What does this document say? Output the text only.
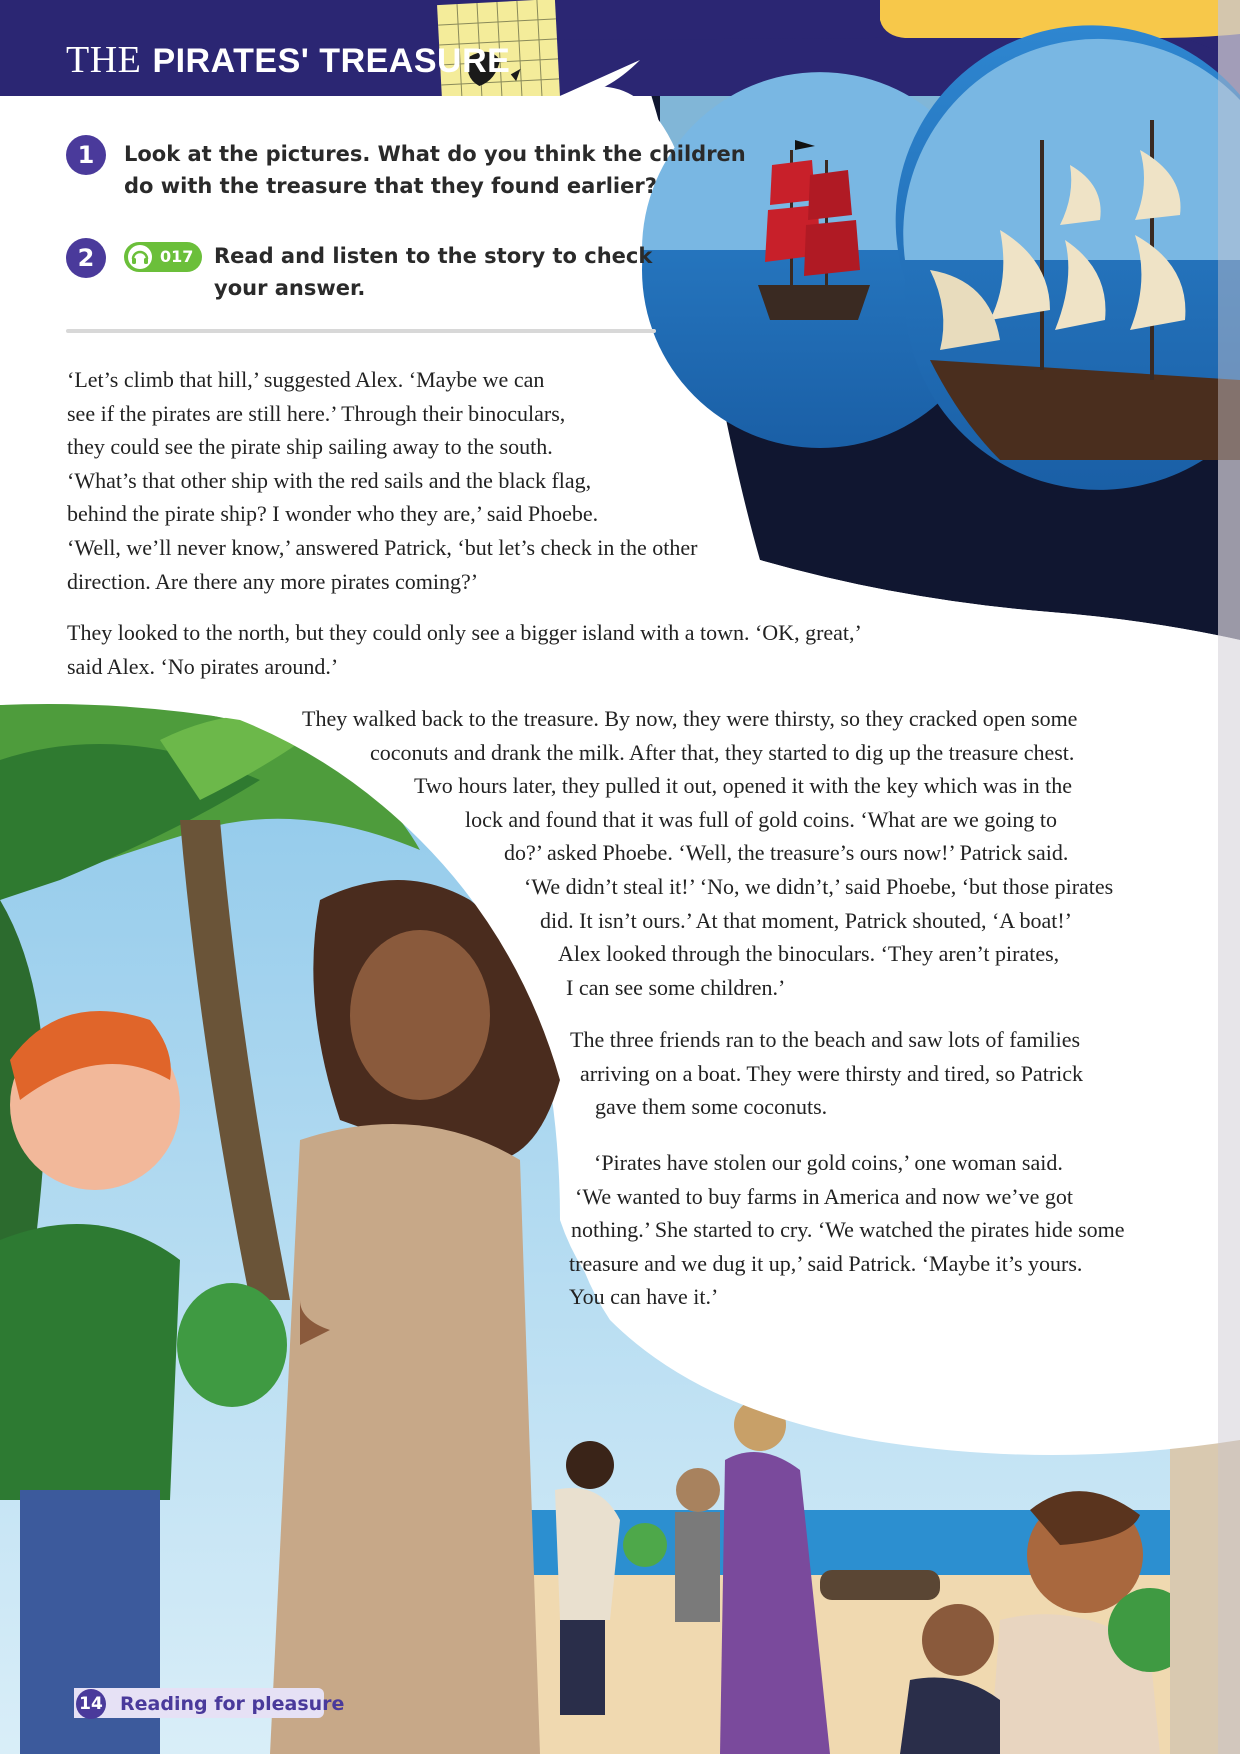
THE PIRATES' TREASURE
1	Look at the pictures. What do you think the children
do with the treasure that they found earlier?
2	017 Read and listen to the story to check
your answer.
‘Let’s climb that hill,’ suggested Alex. ‘Maybe we can
see if the pirates are still here.’ Through their binoculars,
they could see the pirate ship sailing away to the south.
‘What’s that other ship with the red sails and the black flag,
behind the pirate ship? I wonder who they are,’ said Phoebe.
‘Well, we’ll never know,’ answered Patrick, ‘but let’s check in the other
direction. Are there any more pirates coming?’
They looked to the north, but they could only see a bigger island with a town. ‘OK, great,’
said Alex. ‘No pirates around.’
They walked back to the treasure. By now, they were thirsty, so they cracked open some
coconuts and drank the milk. After that, they started to dig up the treasure chest.
Two hours later, they pulled it out, opened it with the key which was in the
lock and found that it was full of gold coins. ‘What are we going to
do?’ asked Phoebe. ‘Well, the treasure’s ours now!’ Patrick said.
‘We didn’t steal it!’ ‘No, we didn’t,’ said Phoebe, ‘but those pirates
did. It isn’t ours.’ At that moment, Patrick shouted, ‘A boat!’
Alex looked through the binoculars. ‘They aren’t pirates,
I can see some children.’
The three friends ran to the beach and saw lots of families
arriving on a boat. They were thirsty and tired, so Patrick
gave them some coconuts.
‘Pirates have stolen our gold coins,’ one woman said.
‘We wanted to buy farms in America and now we’ve got
nothing.’ She started to cry. ‘We watched the pirates hide some
treasure and we dug it up,’ said Patrick. ‘Maybe it’s yours.
You can have it.’
14 Reading for pleasure
